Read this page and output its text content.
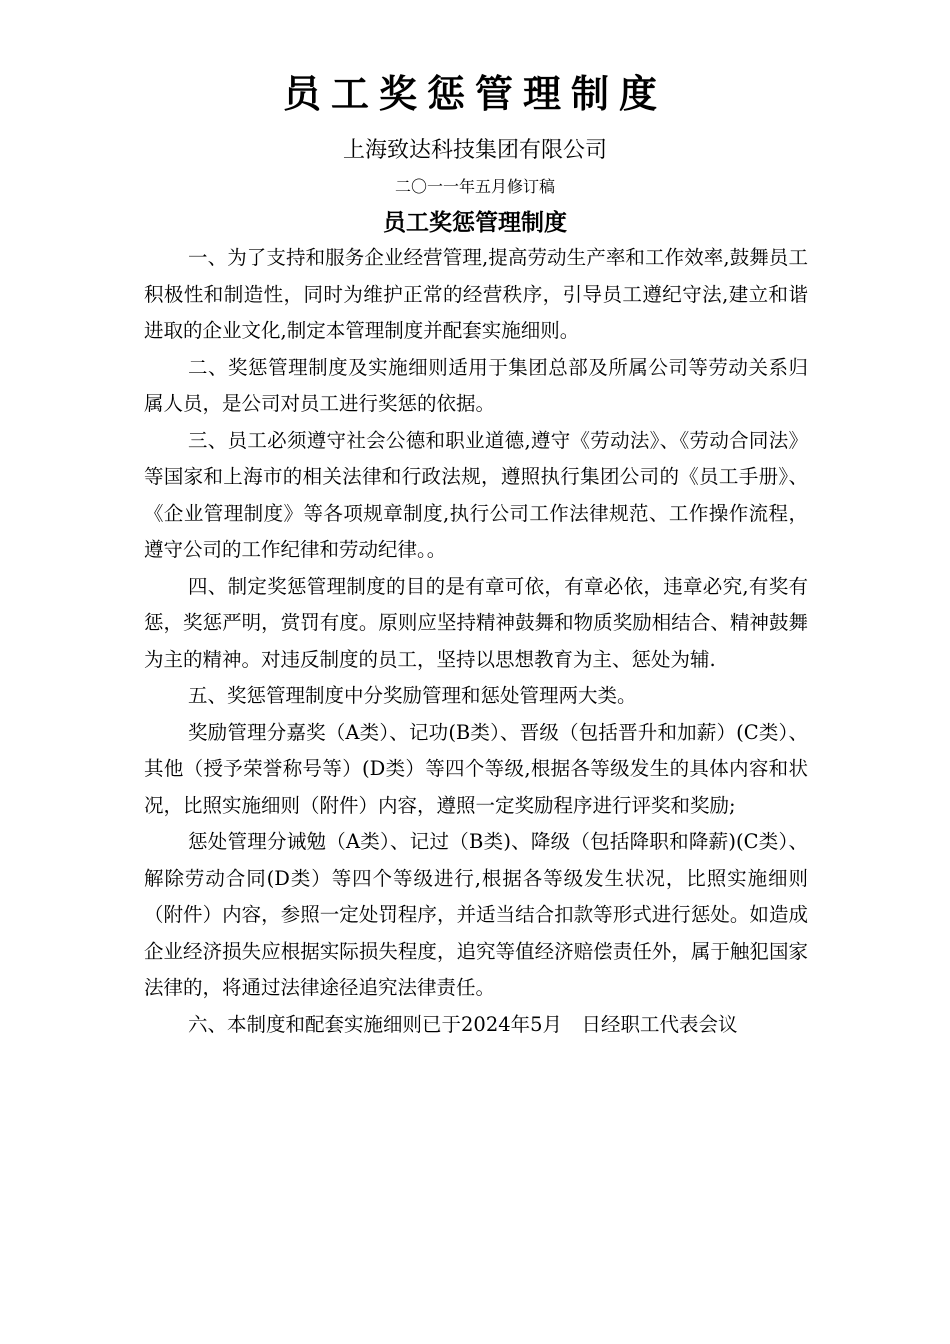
员工奖惩管理制度
上海致达科技集团有限公司
二〇一一年五月修订稿
员工奖惩管理制度

一、为了支持和服务企业经营管理,提高劳动生产率和工作效率,鼓舞员工积极性和制造性，同时为维护正常的经营秩序，引导员工遵纪守法,建立和谐进取的企业文化,制定本管理制度并配套实施细则。

二、奖惩管理制度及实施细则适用于集团总部及所属公司等劳动关系归属人员，是公司对员工进行奖惩的依据。

三、员工必须遵守社会公德和职业道德,遵守《劳动法》、《劳动合同法》等国家和上海市的相关法律和行政法规，遵照执行集团公司的《员工手册》、《企业管理制度》等各项规章制度,执行公司工作法律规范、工作操作流程，遵守公司的工作纪律和劳动纪律。。

四、制定奖惩管理制度的目的是有章可依，有章必依，违章必究,有奖有惩，奖惩严明，赏罚有度。原则应坚持精神鼓舞和物质奖励相结合、精神鼓舞为主的精神。对违反制度的员工，坚持以思想教育为主、惩处为辅.

五、奖惩管理制度中分奖励管理和惩处管理两大类。

奖励管理分嘉奖（A类）、记功(B类）、晋级（包括晋升和加薪）(C类）、其他（授予荣誉称号等）(D类）等四个等级,根据各等级发生的具体内容和状况，比照实施细则（附件）内容，遵照一定奖励程序进行评奖和奖励;

惩处管理分诫勉（A类）、记过（B类)、降级（包括降职和降薪)(C类）、解除劳动合同(D类）等四个等级进行,根据各等级发生状况，比照实施细则（附件）内容，参照一定处罚程序，并适当结合扣款等形式进行惩处。如造成企业经济损失应根据实际损失程度，追究等值经济赔偿责任外，属于触犯国家法律的，将通过法律途径追究法律责任。

六、本制度和配套实施细则已于2024年5月　日经职工代表会议
